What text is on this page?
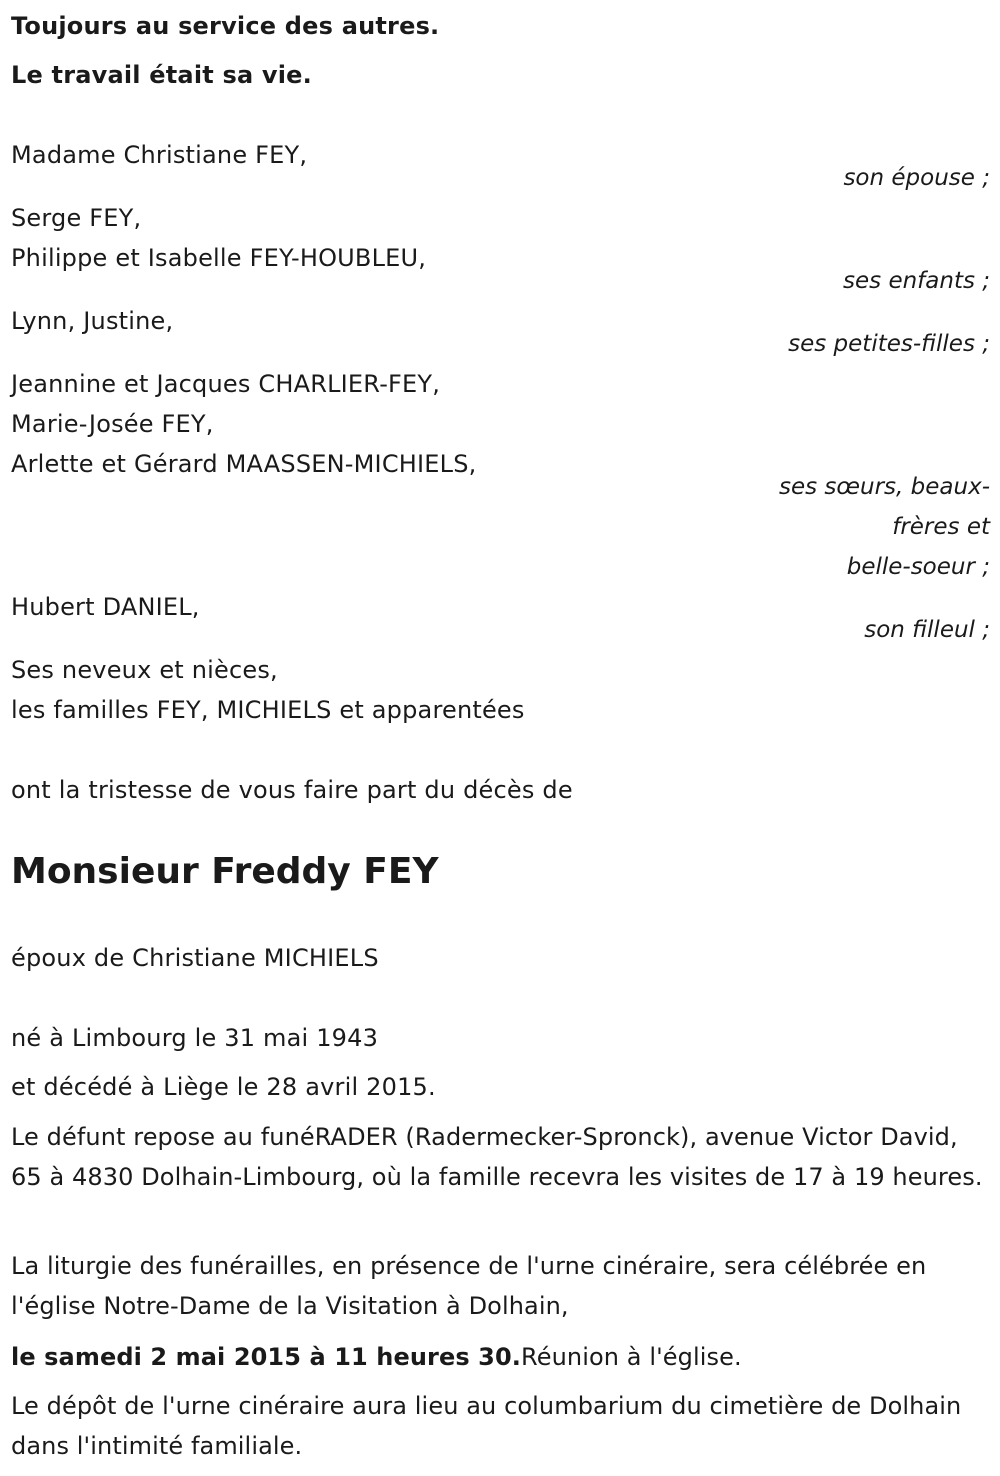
Toujours au service des autres.
Le travail était sa vie.
Madame Christiane FEY,
son épouse ;
Serge FEY,
Philippe et Isabelle FEY-HOUBLEU,
ses enfants ;
Lynn, Justine,
ses petites-filles ;
Jeannine et Jacques CHARLIER-FEY,
Marie-Josée FEY,
Arlette et Gérard MAASSEN-MICHIELS,
ses sœurs, beaux-
frères et
belle-soeur ;
Hubert DANIEL,
son filleul ;
Ses neveux et nièces,
les familles FEY, MICHIELS et apparentées
ont la tristesse de vous faire part du décès de
Monsieur Freddy FEY
époux de Christiane MICHIELS
né à Limbourg le 31 mai 1943
et décédé à Liège le 28 avril 2015.
Le défunt repose au funéRADER (Radermecker-Spronck), avenue Victor David, 65 à 4830 Dolhain-Limbourg, où la famille recevra les visites de 17 à 19 heures.
La liturgie des funérailles, en présence de l'urne cinéraire, sera célébrée en l'église Notre-Dame de la Visitation à Dolhain,
le samedi 2 mai 2015 à 11 heures 30.Réunion à l'église.
Le dépôt de l'urne cinéraire aura lieu au columbarium du cimetière de Dolhain dans l'intimité familiale.
